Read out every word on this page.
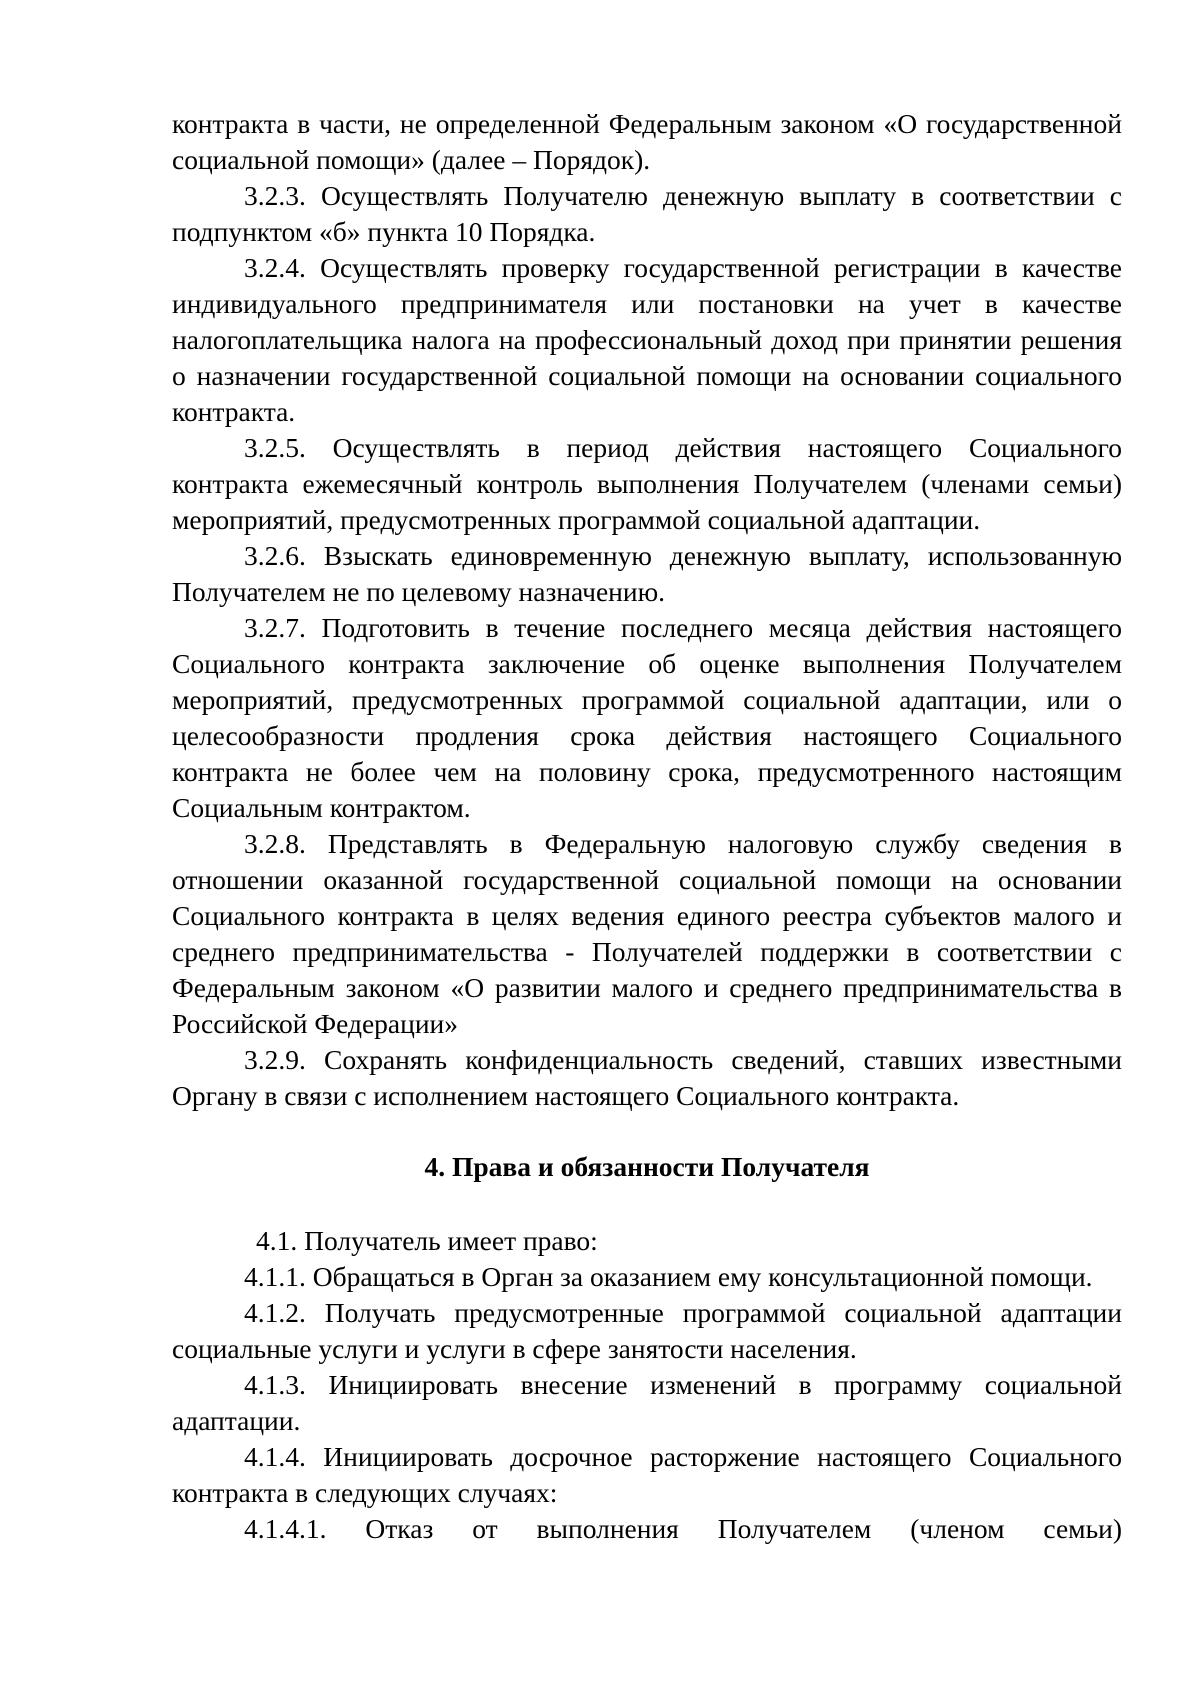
контракта в части, не определенной Федеральным законом «О государственной социальной помощи» (далее – Порядок).

3.2.3. Осуществлять Получателю денежную выплату в соответствии с подпунктом «б» пункта 10 Порядка.

3.2.4. Осуществлять проверку государственной регистрации в качестве индивидуального предпринимателя или постановки на учет в качестве налогоплательщика налога на профессиональный доход при принятии решения о назначении государственной социальной помощи на основании социального контракта.

3.2.5. Осуществлять в период действия настоящего Социального контракта ежемесячный контроль выполнения Получателем (членами семьи) мероприятий, предусмотренных программой социальной адаптации.

3.2.6. Взыскать единовременную денежную выплату, использованную Получателем не по целевому назначению.

3.2.7. Подготовить в течение последнего месяца действия настоящего Социального контракта заключение об оценке выполнения Получателем мероприятий, предусмотренных программой социальной адаптации, или о целесообразности продления срока действия настоящего Социального контракта не более чем на половину срока, предусмотренного настоящим Социальным контрактом.

3.2.8. Представлять в Федеральную налоговую службу сведения в отношении оказанной государственной социальной помощи на основании Социального контракта в целях ведения единого реестра субъектов малого и среднего предпринимательства - Получателей поддержки в соответствии с Федеральным законом «О развитии малого и среднего предпринимательства в Российской Федерации»

3.2.9. Сохранять конфиденциальность сведений, ставших известными Органу в связи с исполнением настоящего Социального контракта.

4. Права и обязанности Получателя

4.1. Получатель имеет право:

4.1.1. Обращаться в Орган за оказанием ему консультационной помощи.

4.1.2. Получать предусмотренные программой социальной адаптации социальные услуги и услуги в сфере занятости населения.

4.1.3. Инициировать внесение изменений в программу социальной адаптации.

4.1.4. Инициировать досрочное расторжение настоящего Социального контракта в следующих случаях:

4.1.4.1. Отказ от выполнения Получателем (членом семьи)
